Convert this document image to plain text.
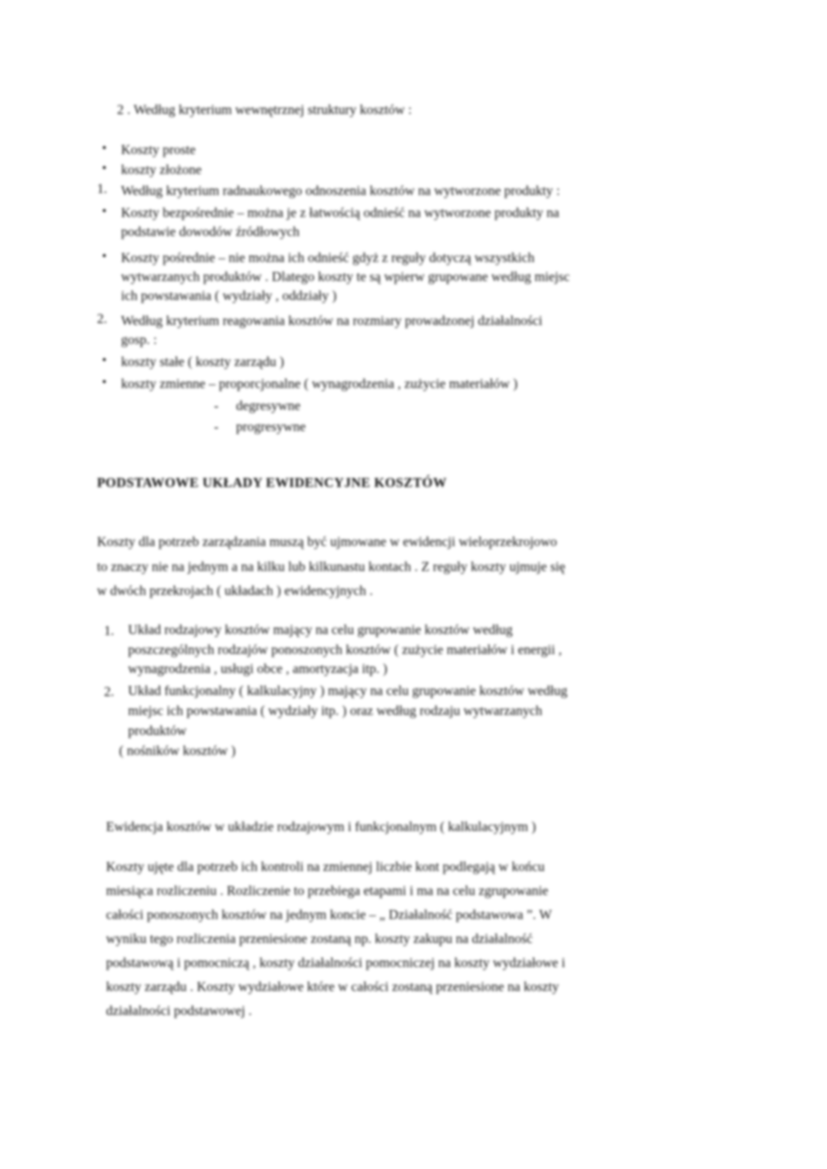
2 . Według kryterium wewnętrznej struktury kosztów :
• Koszty proste
• koszty złożone
1. Według kryterium radnaukowego odnoszenia kosztów na wytworzone produkty :
• Koszty bezpośrednie – można je z łatwością odnieść na wytworzone produkty na
podstawie dowodów źródłowych
• Koszty pośrednie – nie można ich odnieść gdyż z reguły dotyczą wszystkich
wytwarzanych produktów . Dlatego koszty te są wpierw grupowane według miejsc
ich powstawania ( wydziały , oddziały )
2. Według kryterium reagowania kosztów na rozmiary prowadzonej działalności
gosp. :
• koszty stałe ( koszty zarządu )
• koszty zmienne – proporcjonalne ( wynagrodzenia , zużycie materiałów )
- degresywne
- progresywne
PODSTAWOWE UKŁADY EWIDENCYJNE KOSZTÓW
Koszty dla potrzeb zarządzania muszą być ujmowane w ewidencji wieloprzekrojowo
to znaczy nie na jednym a na kilku lub kilkunastu kontach . Z reguły koszty ujmuje się
w dwóch przekrojach ( układach ) ewidencyjnych .
1. Układ rodzajowy kosztów mający na celu grupowanie kosztów według
poszczególnych rodzajów ponoszonych kosztów ( zużycie materiałów i energii ,
wynagrodzenia , usługi obce , amortyzacja itp. )
2. Układ funkcjonalny ( kalkulacyjny ) mający na celu grupowanie kosztów według
miejsc ich powstawania ( wydziały itp. ) oraz według rodzaju wytwarzanych
produktów
( nośników kosztów )
Ewidencja kosztów w układzie rodzajowym i funkcjonalnym ( kalkulacyjnym )
Koszty ujęte dla potrzeb ich kontroli na zmiennej liczbie kont podlegają w końcu
miesiąca rozliczeniu . Rozliczenie to przebiega etapami i ma na celu zgrupowanie
całości ponoszonych kosztów na jednym koncie – „ Działalność podstawowa ”. W
wyniku tego rozliczenia przeniesione zostaną np. koszty zakupu na działalność
podstawową i pomocniczą , koszty działalności pomocniczej na koszty wydziałowe i
koszty zarządu . Koszty wydziałowe które w całości zostaną przeniesione na koszty
działalności podstawowej .
